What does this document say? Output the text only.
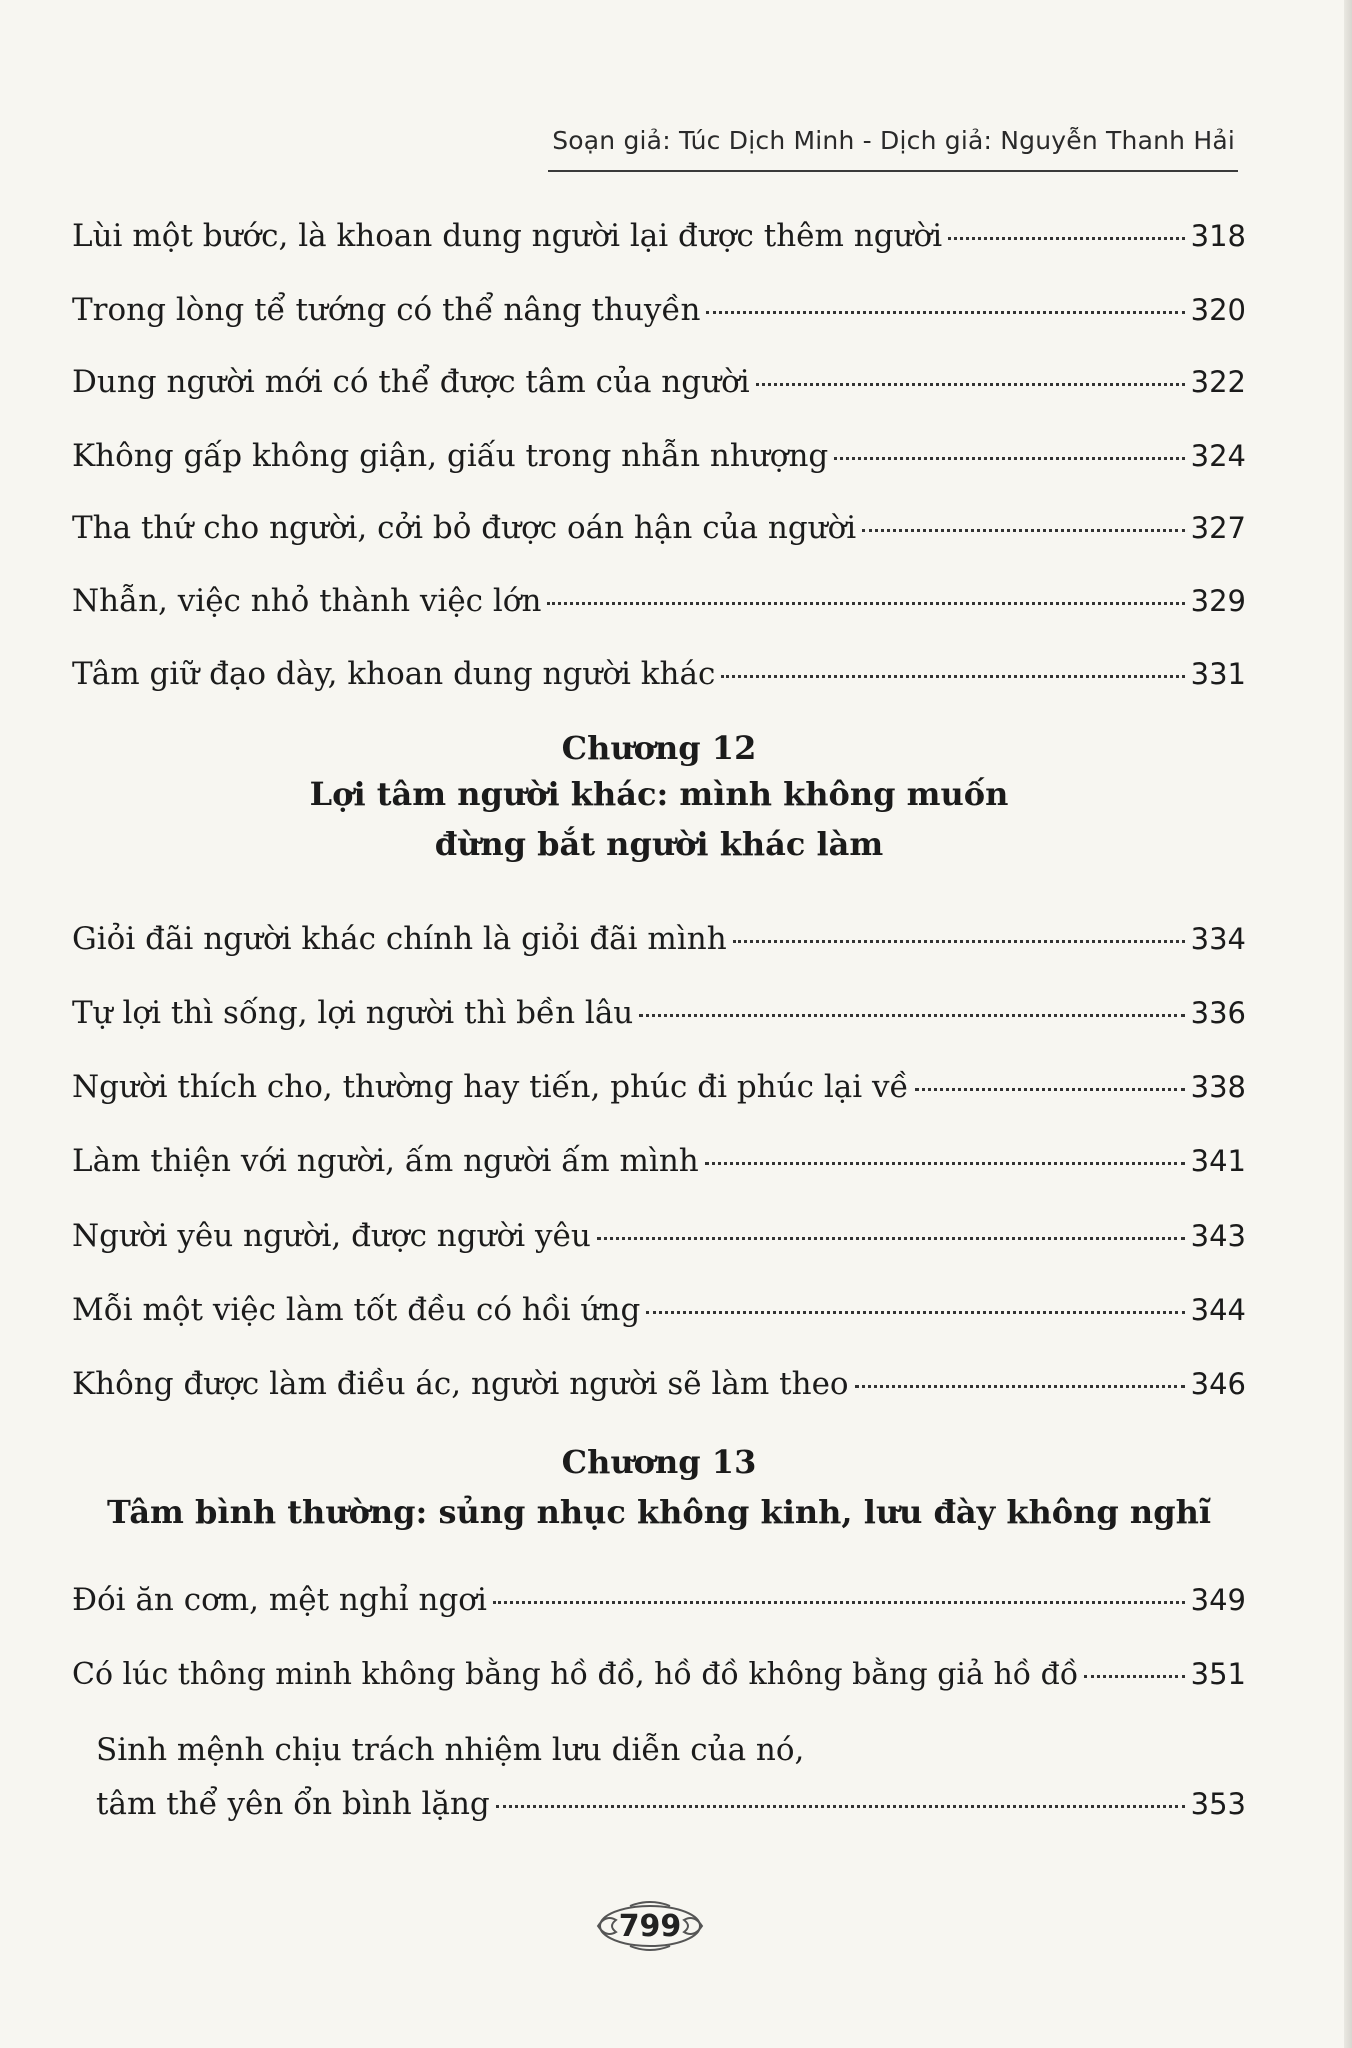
Soạn giả: Túc Dịch Minh - Dịch giả: Nguyễn Thanh Hải
Lùi một bước, là khoan dung người lại được thêm người	318
Trong lòng tể tướng có thể nâng thuyền	320
Dung người mới có thể được tâm của người	322
Không gấp không giận, giấu trong nhẫn nhượng	324
Tha thứ cho người, cởi bỏ được oán hận của người	327
Nhẫn, việc nhỏ thành việc lớn	329
Tâm giữ đạo dày, khoan dung người khác	331
Chương 12
Lợi tâm người khác: mình không muốn
đừng bắt người khác làm
Giỏi đãi người khác chính là giỏi đãi mình	334
Tự lợi thì sống, lợi người thì bền lâu	336
Người thích cho, thường hay tiến, phúc đi phúc lại về	338
Làm thiện với người, ấm người ấm mình	341
Người yêu người, được người yêu	343
Mỗi một việc làm tốt đều có hồi ứng	344
Không được làm điều ác, người người sẽ làm theo	346
Chương 13
Tâm bình thường: sủng nhục không kinh, lưu đày không nghĩ
Đói ăn cơm, mệt nghỉ ngơi	349
Có lúc thông minh không bằng hồ đồ, hồ đồ không bằng giả hồ đồ	351
Sinh mệnh chịu trách nhiệm lưu diễn của nó,
tâm thể yên ổn bình lặng	353
799
